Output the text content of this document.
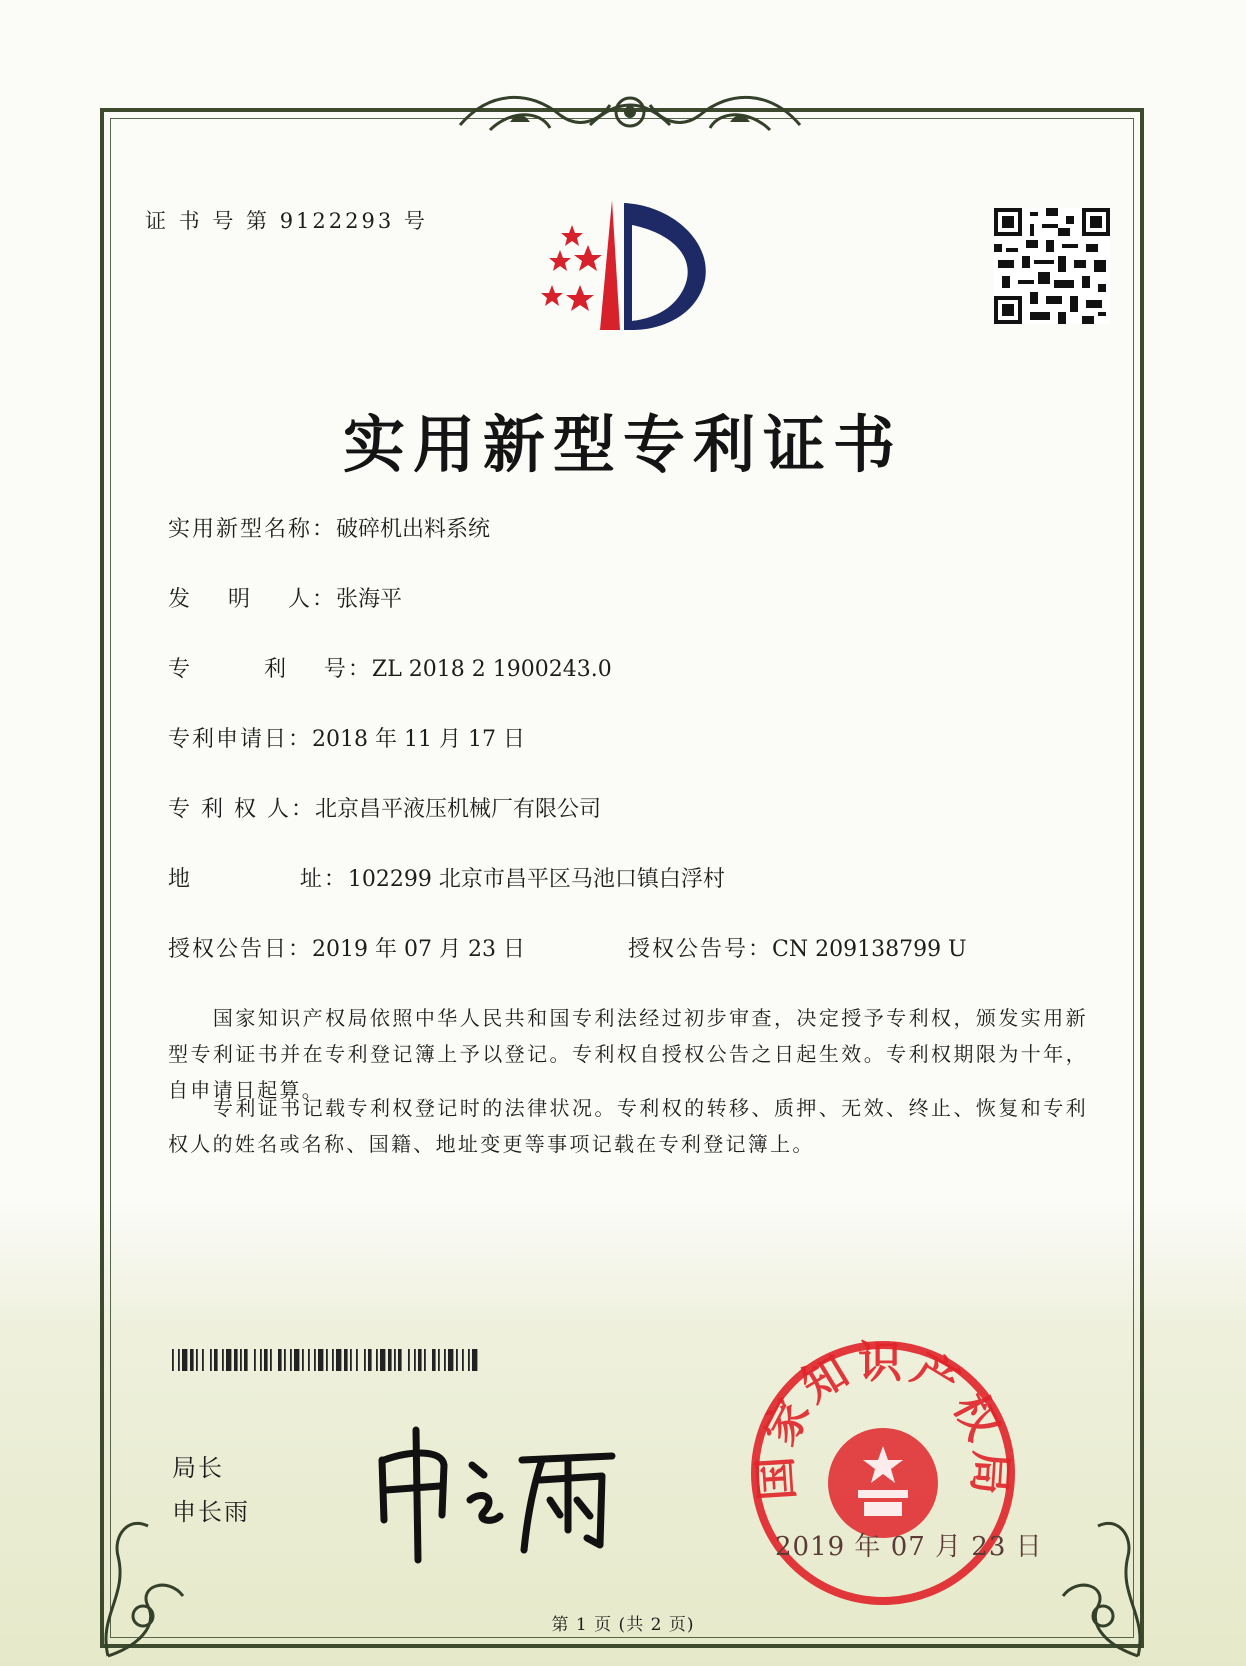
证 书 号 第 9122293 号
实用新型专利证书
实用新型名称：破碎机出料系统
发    明    人：张海平
专        利    号：ZL 2018 2 1900243.0
专利申请日：2018 年 11 月 17 日
专 利 权 人：北京昌平液压机械厂有限公司
地            址：102299 北京市昌平区马池口镇白浮村
授权公告日：2019 年 07 月 23 日	授权公告号：CN 209138799 U
　　国家知识产权局依照中华人民共和国专利法经过初步审查，决定授予专利权，颁发实用新型专利证书并在专利登记簿上予以登记。专利权自授权公告之日起生效。专利权期限为十年，自申请日起算。
　　专利证书记载专利权登记时的法律状况。专利权的转移、质押、无效、终止、恢复和专利权人的姓名或名称、国籍、地址变更等事项记载在专利登记簿上。
局长
申长雨
国家知识产权局
2019 年 07 月 23 日
第 1 页 (共 2 页)
